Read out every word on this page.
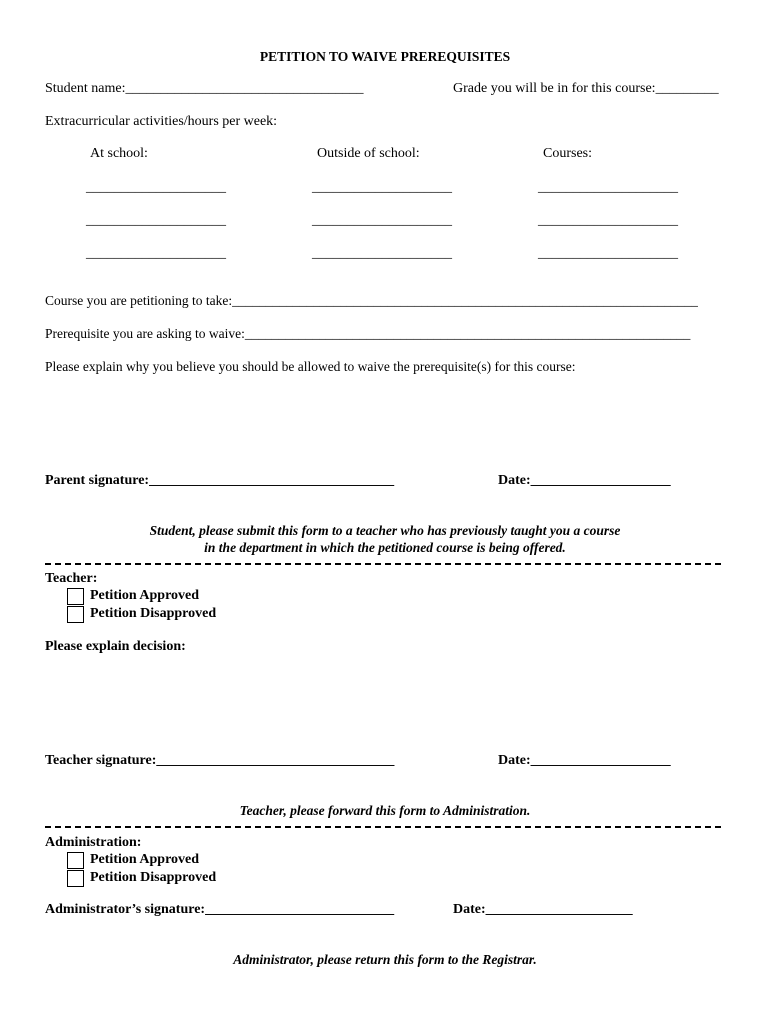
PETITION TO WAIVE PREREQUISITES
Student name:__________________________________	Grade you will be in for this course:_________
Extracurricular activities/hours per week:
At school:	Outside of school:	Courses:
____________________	____________________	____________________
____________________	____________________	____________________
____________________	____________________	____________________
Course you are petitioning to take:_____________________________________________________________________
Prerequisite you are asking to waive:__________________________________________________________________
Please explain why you believe you should be allowed to waive the prerequisite(s) for this course:
Parent signature:___________________________________	Date:____________________
Student, please submit this form to a teacher who has previously taught you a course
in the department in which the petitioned course is being offered.
Teacher:
Petition Approved
Petition Disapproved
Please explain decision:
Teacher signature:__________________________________	Date:____________________
Teacher, please forward this form to Administration.
Administration:
Petition Approved
Petition Disapproved
Administrator’s signature:___________________________	Date:_____________________
Administrator, please return this form to the Registrar.
